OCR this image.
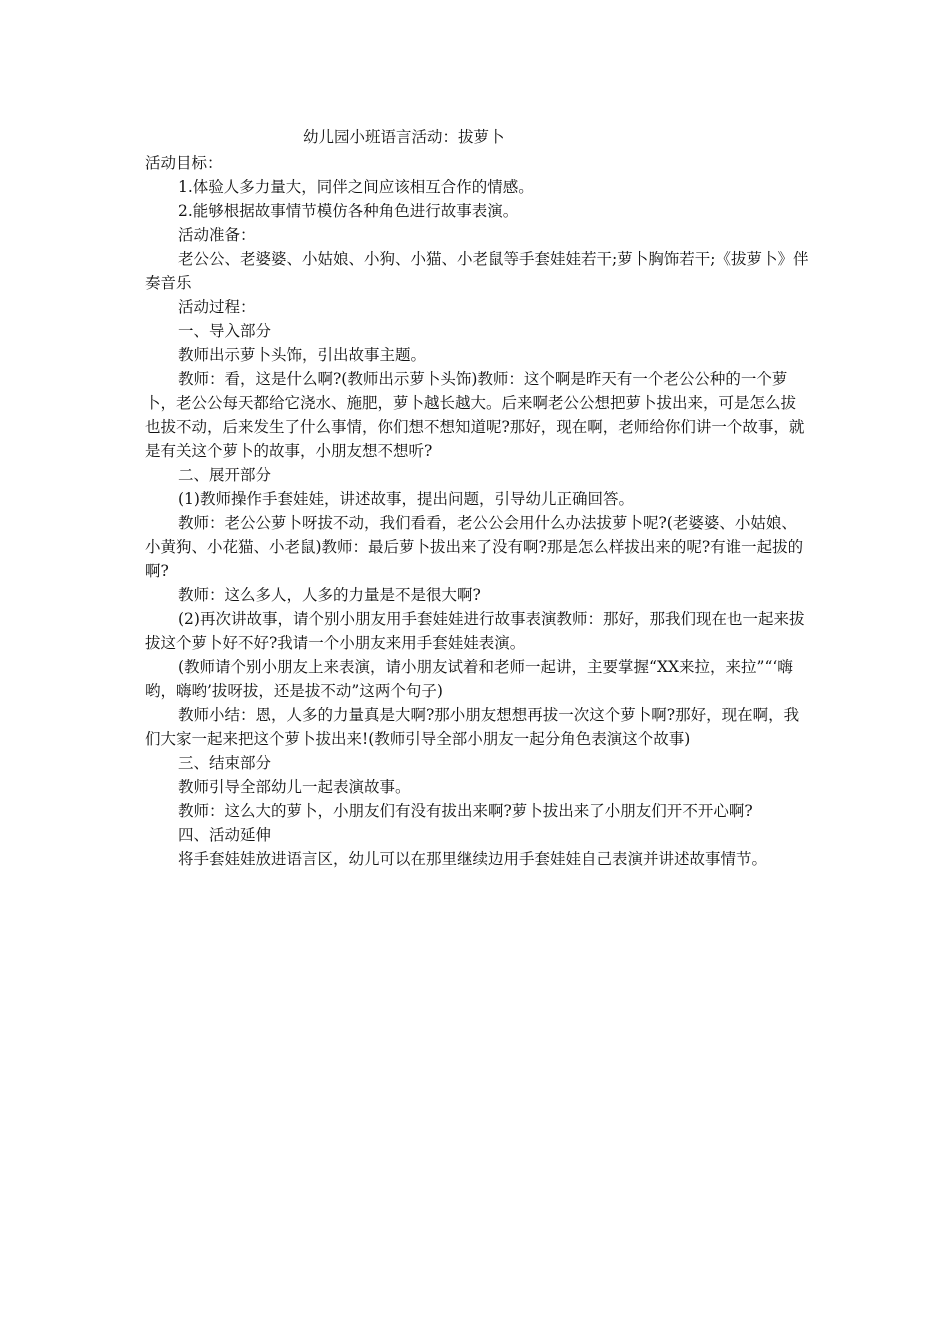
幼儿园小班语言活动：拔萝卜

活动目标：

1.体验人多力量大，同伴之间应该相互合作的情感。

2.能够根据故事情节模仿各种角色进行故事表演。

活动准备：

老公公、老婆婆、小姑娘、小狗、小猫、小老鼠等手套娃娃若干;萝卜胸饰若干;《拔萝卜》伴奏音乐

活动过程：

一、导入部分

教师出示萝卜头饰，引出故事主题。

教师：看，这是什么啊?(教师出示萝卜头饰)教师：这个啊是昨天有一个老公公种的一个萝卜，老公公每天都给它浇水、施肥，萝卜越长越大。后来啊老公公想把萝卜拔出来，可是怎么拔也拔不动，后来发生了什么事情，你们想不想知道呢?那好，现在啊，老师给你们讲一个故事，就是有关这个萝卜的故事，小朋友想不想听?

二、展开部分

(1)教师操作手套娃娃，讲述故事，提出问题，引导幼儿正确回答。

教师：老公公萝卜呀拔不动，我们看看，老公公会用什么办法拔萝卜呢?(老婆婆、小姑娘、小黄狗、小花猫、小老鼠)教师：最后萝卜拔出来了没有啊?那是怎么样拔出来的呢?有谁一起拔的啊?

教师：这么多人，人多的力量是不是很大啊?

(2)再次讲故事，请个别小朋友用手套娃娃进行故事表演教师：那好，那我们现在也一起来拔拔这个萝卜好不好?我请一个小朋友来用手套娃娃表演。

(教师请个别小朋友上来表演，请小朋友试着和老师一起讲，主要掌握“XX来拉，来拉”“‘嗨哟，嗨哟’拔呀拔，还是拔不动”这两个句子)

教师小结：恩，人多的力量真是大啊?那小朋友想想再拔一次这个萝卜啊?那好，现在啊，我们大家一起来把这个萝卜拔出来!(教师引导全部小朋友一起分角色表演这个故事)

三、结束部分

教师引导全部幼儿一起表演故事。

教师：这么大的萝卜，小朋友们有没有拔出来啊?萝卜拔出来了小朋友们开不开心啊?

四、活动延伸

将手套娃娃放进语言区，幼儿可以在那里继续边用手套娃娃自己表演并讲述故事情节。
